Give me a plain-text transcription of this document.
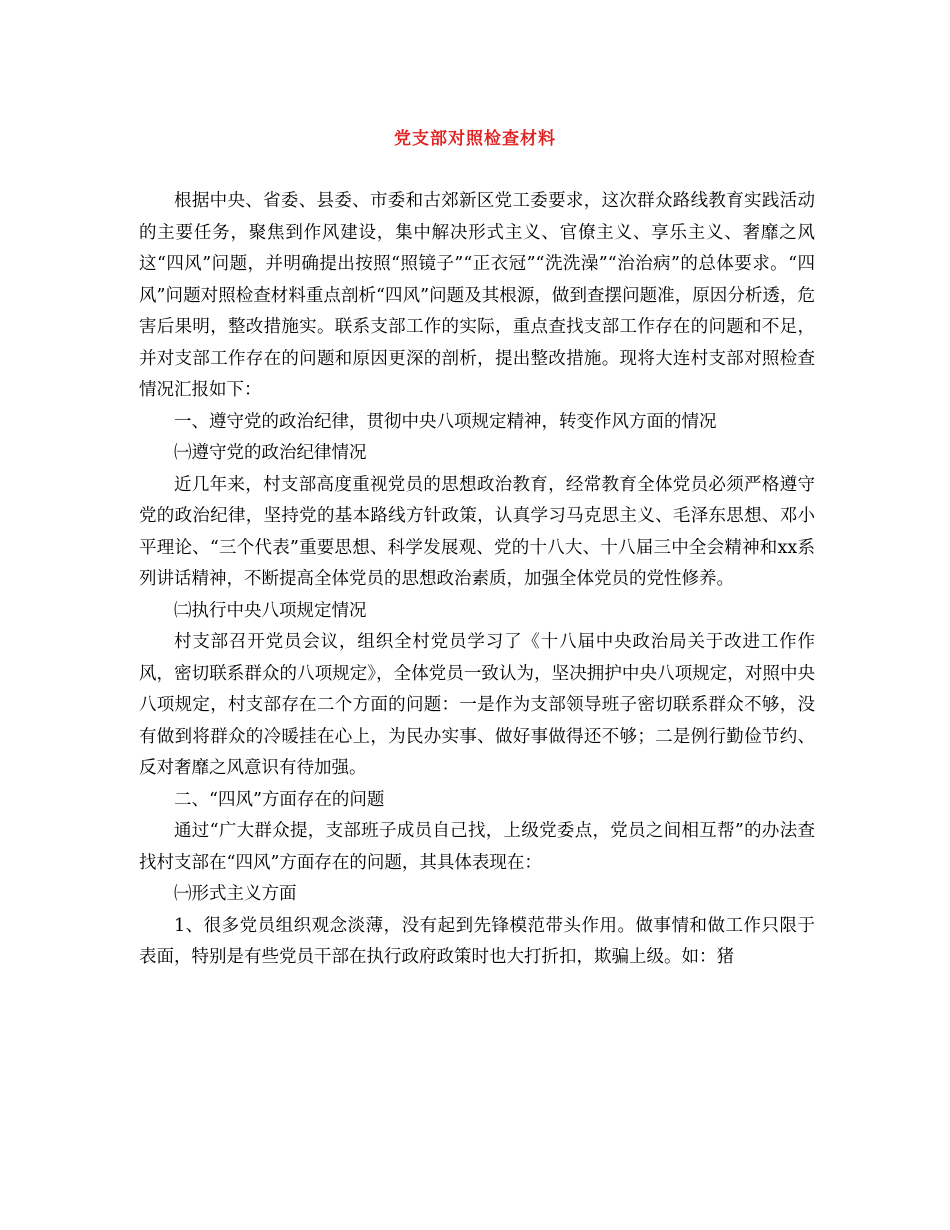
党支部对照检查材料

根据中央、省委、县委、市委和古郊新区党工委要求，这次群众路线教育实践活动的主要任务，聚焦到作风建设，集中解决形式主义、官僚主义、享乐主义、奢靡之风这“四风”问题，并明确提出按照“照镜子”“正衣冠”“洗洗澡”“治治病”的总体要求。“四风”问题对照检查材料重点剖析“四风”问题及其根源，做到查摆问题准，原因分析透，危害后果明，整改措施实。联系支部工作的实际，重点查找支部工作存在的问题和不足，并对支部工作存在的问题和原因更深的剖析，提出整改措施。现将大连村支部对照检查情况汇报如下：

一、遵守党的政治纪律，贯彻中央八项规定精神，转变作风方面的情况

㈠遵守党的政治纪律情况

近几年来，村支部高度重视党员的思想政治教育，经常教育全体党员必须严格遵守党的政治纪律，坚持党的基本路线方针政策，认真学习马克思主义、毛泽东思想、邓小平理论、“三个代表”重要思想、科学发展观、党的十八大、十八届三中全会精神和xx系列讲话精神，不断提高全体党员的思想政治素质，加强全体党员的党性修养。

㈡执行中央八项规定情况

村支部召开党员会议，组织全村党员学习了《十八届中央政治局关于改进工作作风，密切联系群众的八项规定》，全体党员一致认为，坚决拥护中央八项规定，对照中央八项规定，村支部存在二个方面的问题：一是作为支部领导班子密切联系群众不够，没有做到将群众的冷暖挂在心上，为民办实事、做好事做得还不够；二是例行勤俭节约、反对奢靡之风意识有待加强。

二、“四风”方面存在的问题

通过“广大群众提，支部班子成员自己找，上级党委点，党员之间相互帮”的办法查找村支部在“四风”方面存在的问题，其具体表现在：

㈠形式主义方面

1、很多党员组织观念淡薄，没有起到先锋模范带头作用。做事情和做工作只限于表面，特别是有些党员干部在执行政府政策时也大打折扣，欺骗上级。如：猪
